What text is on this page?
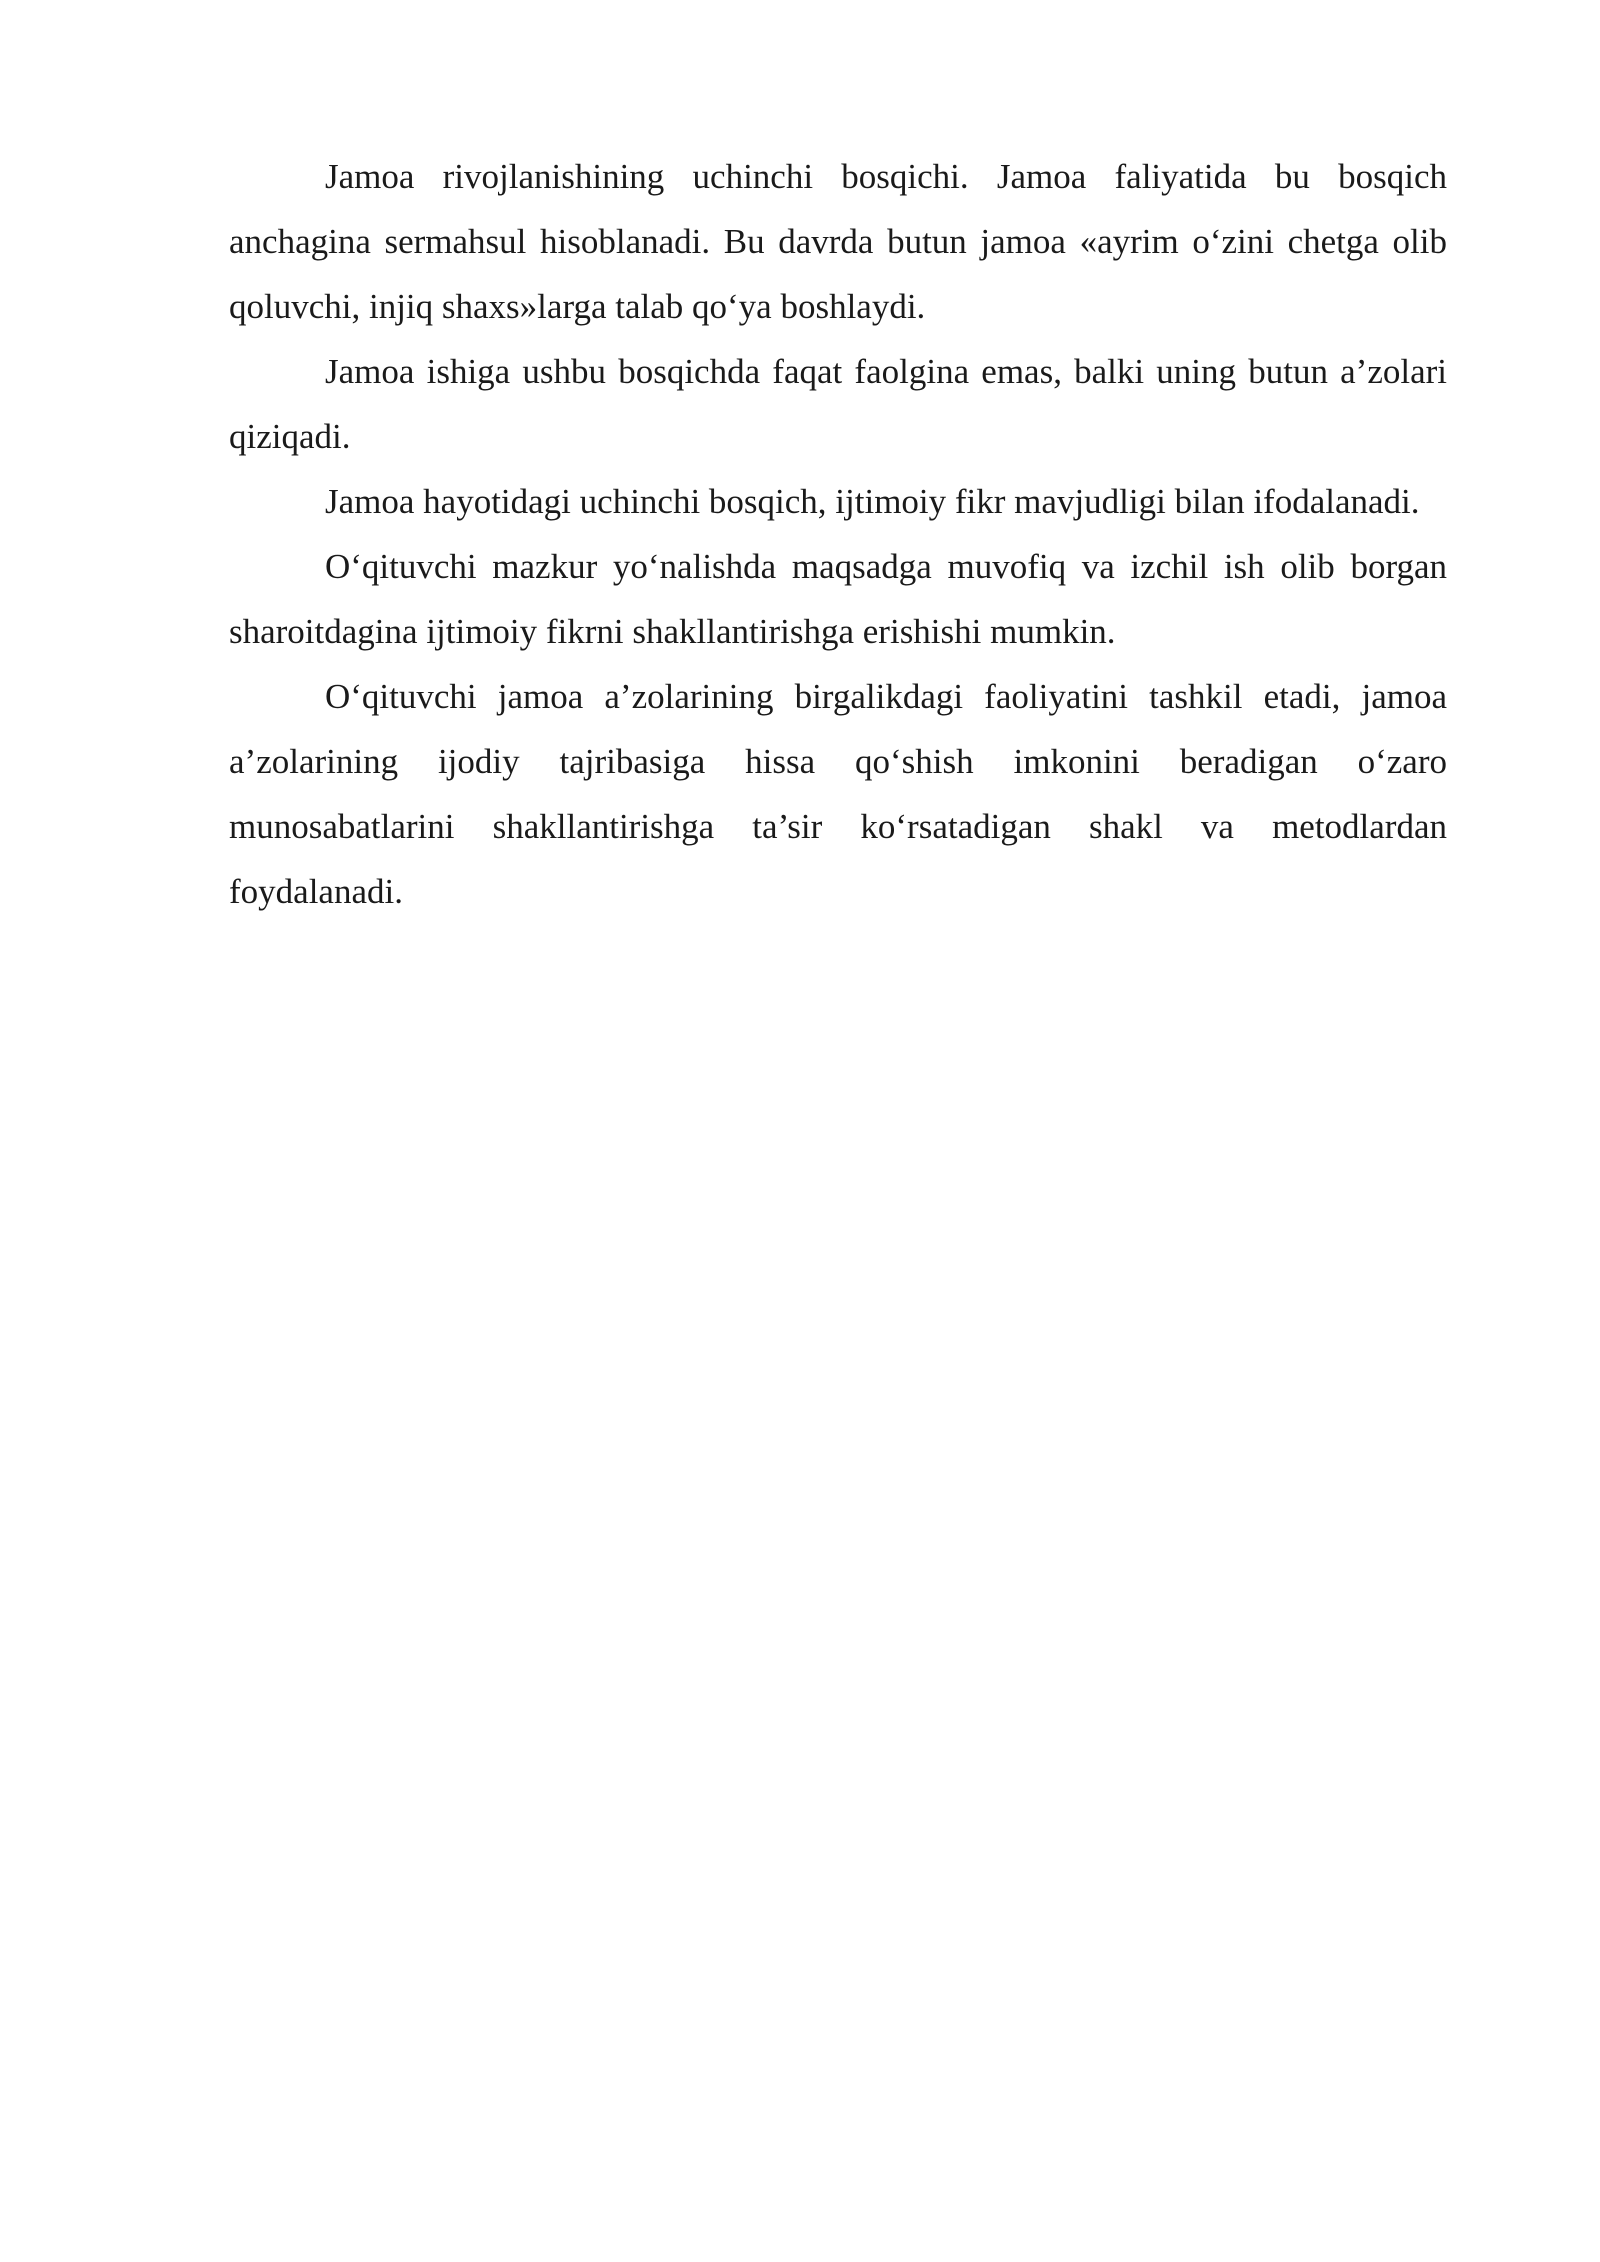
Jamoa rivojlanishining uchinchi bosqichi. Jamoa faliyatida bu bosqich anchagina sermahsul hisoblanadi. Bu davrda butun jamoa «ayrim o‘zini chetga olib qoluvchi, injiq shaxs»larga talab qo‘ya boshlaydi.

Jamoa ishiga ushbu bosqichda faqat faolgina emas, balki uning butun a’zolari qiziqadi.

Jamoa hayotidagi uchinchi bosqich, ijtimoiy fikr mavjudligi bilan ifodalanadi.

O‘qituvchi mazkur yo‘nalishda maqsadga muvofiq va izchil ish olib borgan sharoitdagina ijtimoiy fikrni shakllantirishga erishishi mumkin.

O‘qituvchi jamoa a’zolarining birgalikdagi faoliyatini tashkil etadi, jamoa a’zolarining ijodiy tajribasiga hissa qo‘shish imkonini beradigan o‘zaro munosabatlarini shakllantirishga ta’sir ko‘rsatadigan shakl va metodlardan foydalanadi.
